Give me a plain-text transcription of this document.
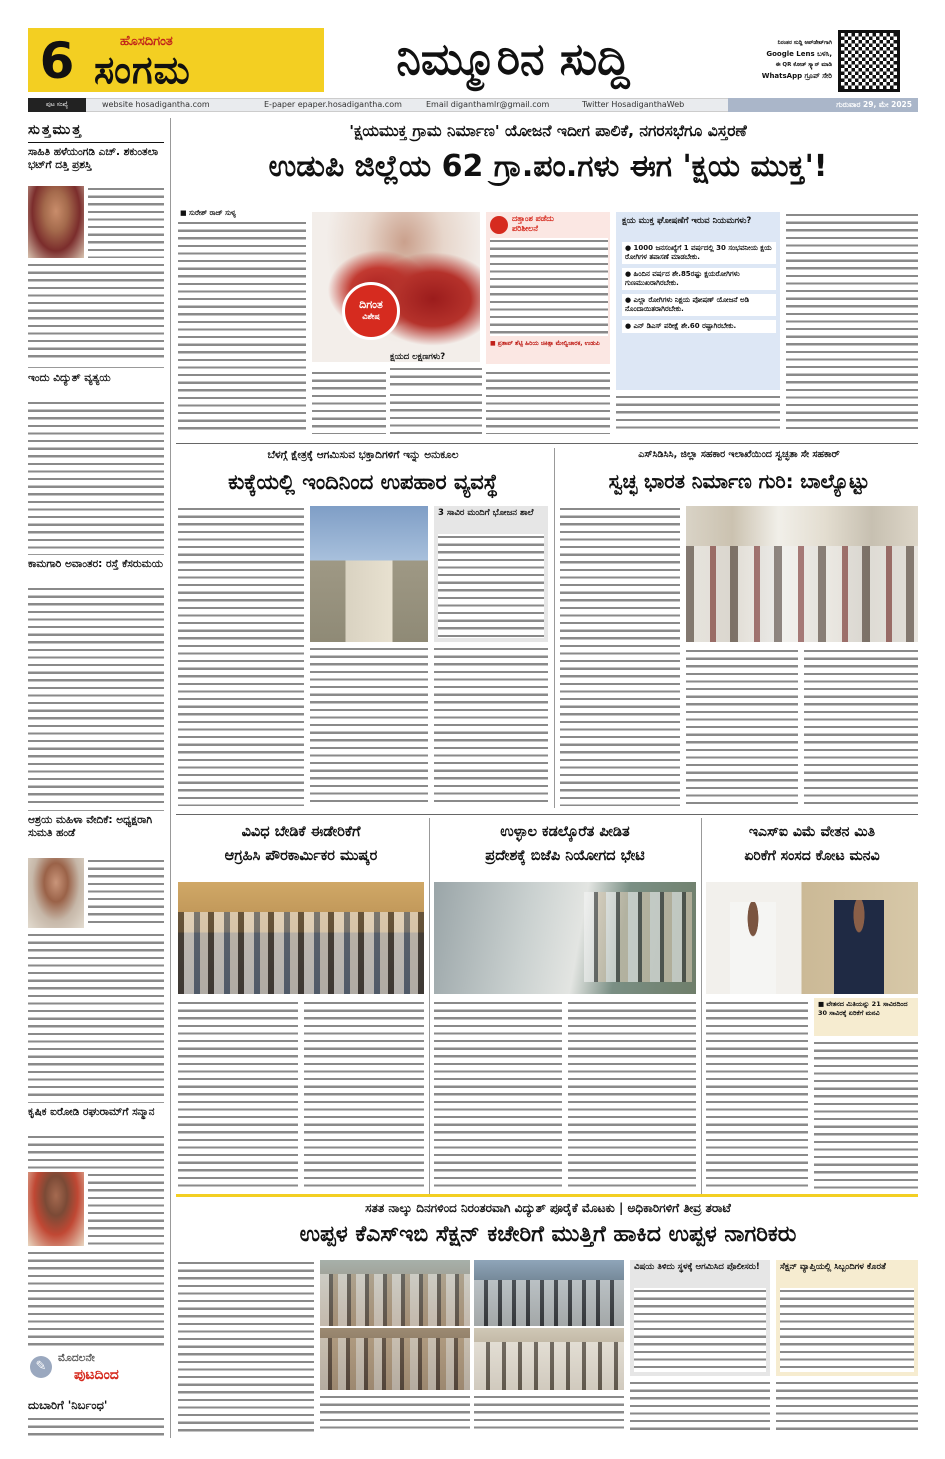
6	ಹೊಸದಿಗಂತ
ಸಂಗಮ	ನಿಮ್ಮೂರಿನ ಸುದ್ದಿ	ನಿರಂತರ ಸುದ್ದಿ ಅಪ್‌ಡೇಟ್‌ಗಾಗಿ
Google Lens ಬಳಸಿ,
ಈ QR ಕೋಡ್ ಸ್ಕ್ಯಾನ್ ಮಾಡಿ
WhatsApp ಗ್ರೂಪ್ ಸೇರಿ
ಪುಟ ಸಂಖ್ಯೆ	website hosadigantha.com	E-paper epaper.hosadigantha.com	Email diganthamlr@gmail.com	Twitter HosadiganthaWeb	ಗುರುವಾರ 29, ಮೇ 2025
ಸುತ್ತಮುತ್ತ
ಸಾಹಿತಿ ಹಳೆಯಂಗಡಿ ಎಚ್. ಶಕುಂತಲಾ ಭಟ್‌ಗೆ ದತ್ತಿ ಪ್ರಶಸ್ತಿ
ಇಂದು ವಿದ್ಯುತ್ ವ್ಯತ್ಯಯ
ಕಾಮಗಾರಿ ಅವಾಂತರ: ರಸ್ತೆ ಕೆಸರುಮಯ
ಆಶ್ರಯ ಮಹಿಳಾ ವೇದಿಕೆ: ಅಧ್ಯಕ್ಷರಾಗಿ ಸುಮತಿ ಹಂಡೆ
ಕೃಷಿಕ ಐರೋಡಿ ರಘುರಾಮ್‌ಗೆ ಸನ್ಮಾನ
✎
ಮೊದಲನೇ
ಪುಟದಿಂದ
ದುಬಾರಿಗೆ 'ನಿರ್ಬಂಧ'
'ಕ್ಷಯಮುಕ್ತ ಗ್ರಾಮ ನಿರ್ಮಾಣ' ಯೋಜನೆ ಇದೀಗ ಪಾಲಿಕೆ, ನಗರಸಭೆಗೂ ವಿಸ್ತರಣೆ
ಉಡುಪಿ ಜಿಲ್ಲೆಯ 62 ಗ್ರಾ.ಪಂ.ಗಳು ಈಗ 'ಕ್ಷಯ ಮುಕ್ತ'!
■ ಸುರೇಶ್ ರಾಜ್ ಸುಳ್ಯ
ದಿಗಂತ
ವಿಶೇಷ
ಕ್ಷಯದ ಲಕ್ಷಣಗಳು?
ದತ್ತಾಂಶ ಪಡೆದು
ಪರಿಶೀಲನೆ
■ ಪ್ರತಾಪ್ ಶೆಟ್ಟಿ ಹಿರಿಯ ಚಿಕಿತ್ಸಾ ಮೇಲ್ವಿಚಾರಕ, ಉಡುಪಿ
ಕ್ಷಯ ಮುಕ್ತ ಘೋಷಣೆಗೆ ಇರುವ ನಿಯಮಗಳು?
● 1000 ಜನಸಂಖ್ಯೆಗೆ 1 ವರ್ಷದಲ್ಲಿ 30 ಸಂಭವನೀಯ ಕ್ಷಯ ರೋಗಿಗಳ ತಪಾಸಣೆ ಮಾಡಬೇಕು.
● ಹಿಂದಿನ ವರ್ಷದ ಶೇ.85ರಷ್ಟು ಕ್ಷಯರೋಗಿಗಳು ಗುಣಮುಖರಾಗಿರಬೇಕು.
● ಎಲ್ಲಾ ರೋಗಿಗಳು ನಿಕ್ಷಯ ಪೋಷಣ್ ಯೋಜನೆ ಅಡಿ ನೊಂದಾಯಿತರಾಗಿರಬೇಕು.
● ಎನ್ ಡಿಎಸ್ ಪರೀಕ್ಷೆ ಶೇ.60 ರಷ್ಟಾಗಿರಬೇಕು.
ಬೆಳಗ್ಗೆ ಕ್ಷೇತ್ರಕ್ಕೆ ಆಗಮಿಸುವ ಭಕ್ತಾದಿಗಳಿಗೆ ಇನ್ನು ಅನುಕೂಲ
ಕುಕ್ಕೆಯಲ್ಲಿ ಇಂದಿನಿಂದ ಉಪಹಾರ ವ್ಯವಸ್ಥೆ
3 ಸಾವಿರ ಮಂದಿಗೆ ಭೋಜನ ಶಾಲೆ
ಎಸ್‌ಸಿಡಿಸಿಸಿ, ಜಿಲ್ಲಾ ಸಹಕಾರ ಇಲಾಖೆಯಿಂದ ಸ್ವಚ್ಛತಾ ಸೇ ಸಹಕಾರ್
ಸ್ವಚ್ಛ ಭಾರತ ನಿರ್ಮಾಣ ಗುರಿ: ಬಾಲ್ಯೊಟ್ಟು
ವಿವಿಧ ಬೇಡಿಕೆ ಈಡೇರಿಕೆಗೆ
ಆಗ್ರಹಿಸಿ ಪೌರಕಾರ್ಮಿಕರ ಮುಷ್ಕರ
ಉಳ್ಳಾಲ ಕಡಲ್ಕೊರೆತ ಪೀಡಿತ
ಪ್ರದೇಶಕ್ಕೆ ಬಿಜೆಪಿ ನಿಯೋಗದ ಭೇಟಿ
ಇಎಸ್‌ಐ ವಿಮೆ ವೇತನ ಮಿತಿ
ಏರಿಕೆಗೆ ಸಂಸದ ಕೋಟ ಮನವಿ
■ ವೇತನದ ಮಿತಿಯನ್ನು 21 ಸಾವಿರದಿಂದ 30 ಸಾವಿರಕ್ಕೆ ಏರಿಕೆಗೆ ಮನವಿ
ಸತತ ನಾಲ್ಕು ದಿನಗಳಿಂದ ನಿರಂತರವಾಗಿ ವಿದ್ಯುತ್ ಪೂರೈಕೆ ಮೊಟಕು | ಅಧಿಕಾರಿಗಳಿಗೆ ತೀವ್ರ ತರಾಟೆ
ಉಪ್ಪಳ ಕೆಎಸ್‌ಇಬಿ ಸೆಕ್ಷನ್ ಕಚೇರಿಗೆ ಮುತ್ತಿಗೆ ಹಾಕಿದ ಉಪ್ಪಳ ನಾಗರಿಕರು
ವಿಷಯ ತಿಳಿದು ಸ್ಥಳಕ್ಕೆ ಆಗಮಿಸಿದ ಪೊಲೀಸರು!	ಸೆಕ್ಷನ್ ವ್ಯಾಪ್ತಿಯಲ್ಲಿ ಸಿಬ್ಬಂದಿಗಳ ಕೊರತೆ
